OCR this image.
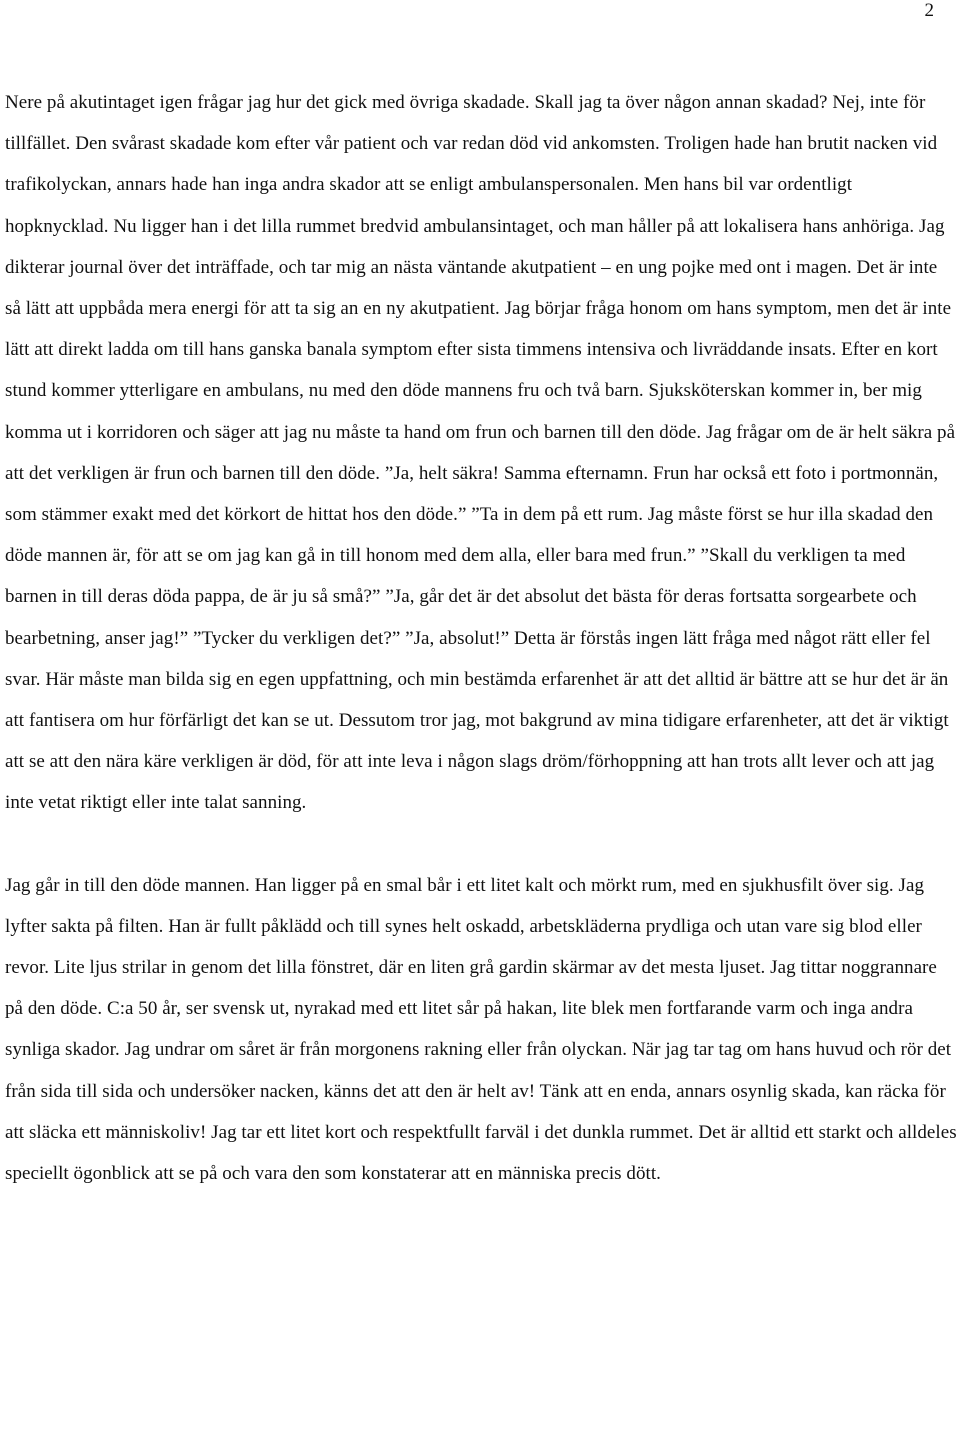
2

Nere på akutintaget igen frågar jag hur det gick med övriga skadade. Skall jag ta över någon annan skadad? Nej, inte för tillfället. Den svårast skadade kom efter vår patient och var redan död vid ankomsten. Troligen hade han brutit nacken vid trafikolyckan, annars hade han inga andra skador att se enligt ambulanspersonalen. Men hans bil var ordentligt hopknycklad. Nu ligger han i det lilla rummet bredvid ambulansintaget, och man håller på att lokalisera hans anhöriga. Jag dikterar journal över det inträffade, och tar mig an nästa väntande akutpatient – en ung pojke med ont i magen. Det är inte så lätt att uppbåda mera energi för att ta sig an en ny akutpatient. Jag börjar fråga honom om hans symptom, men det är inte lätt att direkt ladda om till hans ganska banala symptom efter sista timmens intensiva och livräddande insats. Efter en kort stund kommer ytterligare en ambulans, nu med den döde mannens fru och två barn. Sjuksköterskan kommer in, ber mig komma ut i korridoren och säger att jag nu måste ta hand om frun och barnen till den döde. Jag frågar om de är helt säkra på att det verkligen är frun och barnen till den döde. ”Ja, helt säkra! Samma efternamn. Frun har också ett foto i portmonnän, som stämmer exakt med det körkort de hittat hos den döde.” ”Ta in dem på ett rum. Jag måste först se hur illa skadad den döde mannen är, för att se om jag kan gå in till honom med dem alla, eller bara med frun.” ”Skall du verkligen ta med barnen in till deras döda pappa, de är ju så små?” ”Ja, går det är det absolut det bästa för deras fortsatta sorgearbete och bearbetning, anser jag!” ”Tycker du verkligen det?” ”Ja, absolut!” Detta är förstås ingen lätt fråga med något rätt eller fel svar. Här måste man bilda sig en egen uppfattning, och min bestämda erfarenhet är att det alltid är bättre att se hur det är än att fantisera om hur förfärligt det kan se ut. Dessutom tror jag, mot bakgrund av mina tidigare erfarenheter, att det är viktigt att se att den nära käre verkligen är död, för att inte leva i någon slags dröm/förhoppning att han trots allt lever och att jag inte vetat riktigt eller inte talat sanning.

Jag går in till den döde mannen. Han ligger på en smal bår i ett litet kalt och mörkt rum, med en sjukhusfilt över sig. Jag lyfter sakta på filten. Han är fullt påklädd och till synes helt oskadd, arbetskläderna prydliga och utan vare sig blod eller revor. Lite ljus strilar in genom det lilla fönstret, där en liten grå gardin skärmar av det mesta ljuset. Jag tittar noggrannare på den döde. C:a 50 år, ser svensk ut, nyrakad med ett litet sår på hakan, lite blek men fortfarande varm och inga andra synliga skador. Jag undrar om såret är från morgonens rakning eller från olyckan. När jag tar tag om hans huvud och rör det från sida till sida och undersöker nacken, känns det att den är helt av! Tänk att en enda, annars osynlig skada, kan räcka för att släcka ett människoliv! Jag tar ett litet kort och respektfullt farväl i det dunkla rummet. Det är alltid ett starkt och alldeles speciellt ögonblick att se på och vara den som konstaterar att en människa precis dött.
